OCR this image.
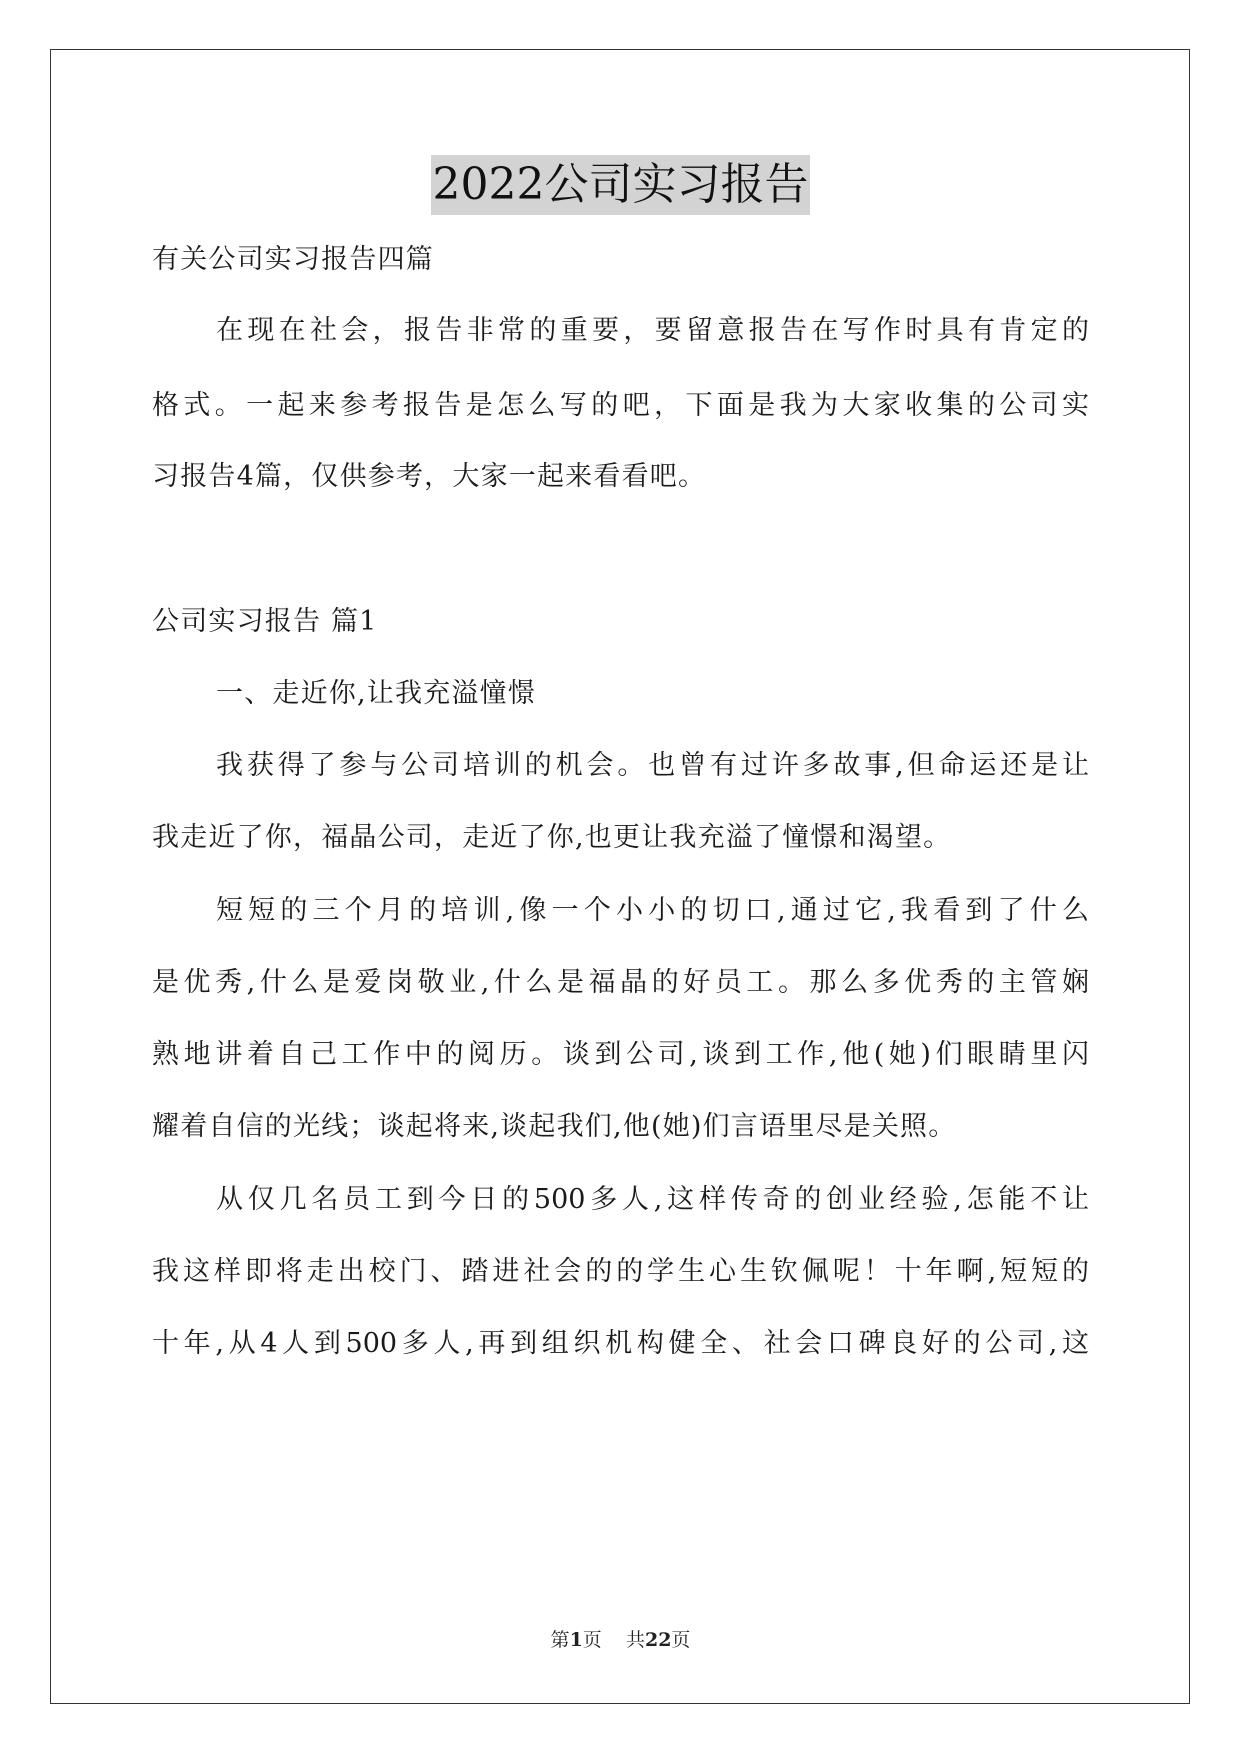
2022公司实习报告
有关公司实习报告四篇
在现在社会，报告非常的重要，要留意报告在写作时具有肯定的
格式。一起来参考报告是怎么写的吧，下面是我为大家收集的公司实
习报告4篇，仅供参考，大家一起来看看吧。
公司实习报告 篇1
一、走近你,让我充溢憧憬
我获得了参与公司培训的机会。也曾有过许多故事,但命运还是让
我走近了你，福晶公司，走近了你,也更让我充溢了憧憬和渴望。
短短的三个月的培训,像一个小小的切口,通过它,我看到了什么
是优秀,什么是爱岗敬业,什么是福晶的好员工。那么多优秀的主管娴
熟地讲着自己工作中的阅历。谈到公司,谈到工作,他(她)们眼睛里闪
耀着自信的光线；谈起将来,谈起我们,他(她)们言语里尽是关照。
从仅几名员工到今日的500多人,这样传奇的创业经验,怎能不让
我这样即将走出校门、踏进社会的的学生心生钦佩呢！十年啊,短短的
十年,从4人到500多人,再到组织机构健全、社会口碑良好的公司,这
第1页    共22页
